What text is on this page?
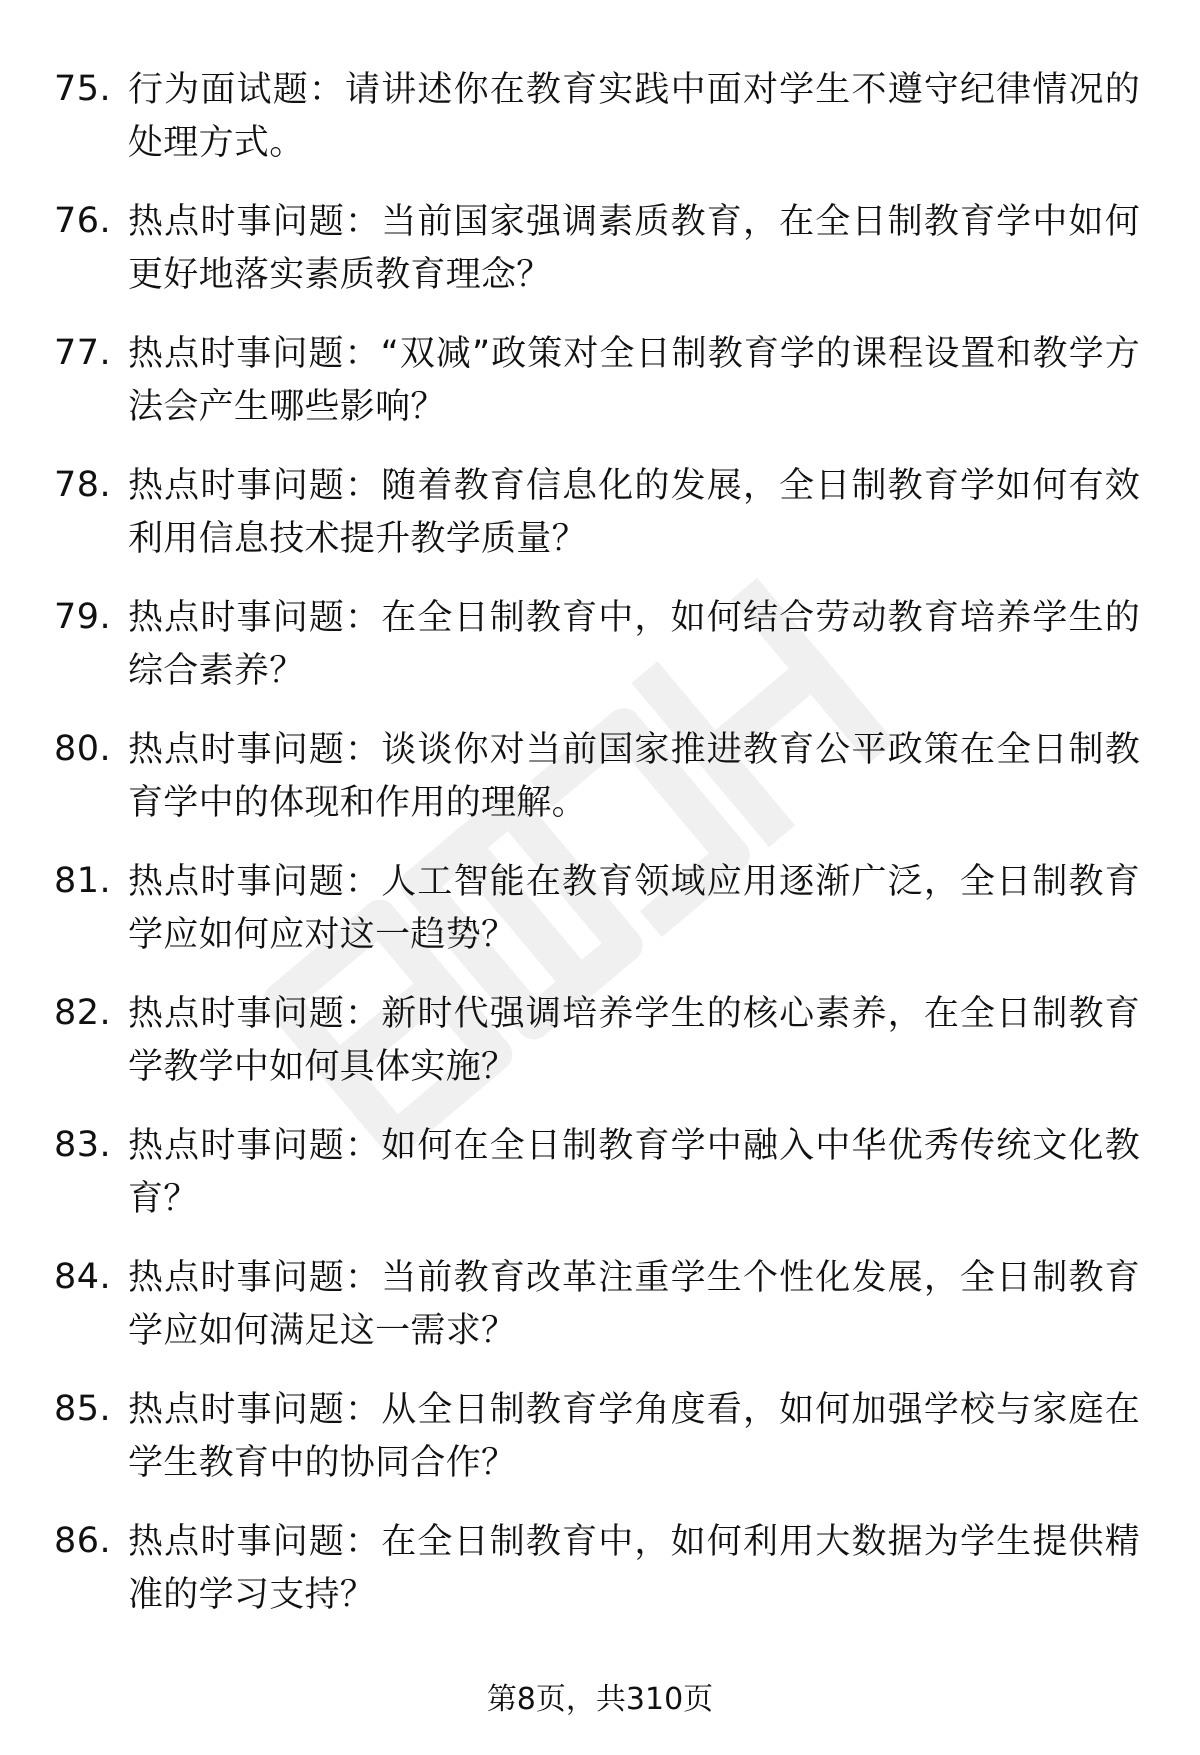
75. 行为面试题：请讲述你在教育实践中面对学生不遵守纪律情况的处理方式。
76. 热点时事问题：当前国家强调素质教育，在全日制教育学中如何更好地落实素质教育理念？
77. 热点时事问题：“双减”政策对全日制教育学的课程设置和教学方法会产生哪些影响？
78. 热点时事问题：随着教育信息化的发展，全日制教育学如何有效利用信息技术提升教学质量？
79. 热点时事问题：在全日制教育中，如何结合劳动教育培养学生的综合素养？
80. 热点时事问题：谈谈你对当前国家推进教育公平政策在全日制教育学中的体现和作用的理解。
81. 热点时事问题：人工智能在教育领域应用逐渐广泛，全日制教育学应如何应对这一趋势？
82. 热点时事问题：新时代强调培养学生的核心素养，在全日制教育学教学中如何具体实施？
83. 热点时事问题：如何在全日制教育学中融入中华优秀传统文化教育？
84. 热点时事问题：当前教育改革注重学生个性化发展，全日制教育学应如何满足这一需求？
85. 热点时事问题：从全日制教育学角度看，如何加强学校与家庭在学生教育中的协同合作？
86. 热点时事问题：在全日制教育中，如何利用大数据为学生提供精准的学习支持？
第8页，共310页
